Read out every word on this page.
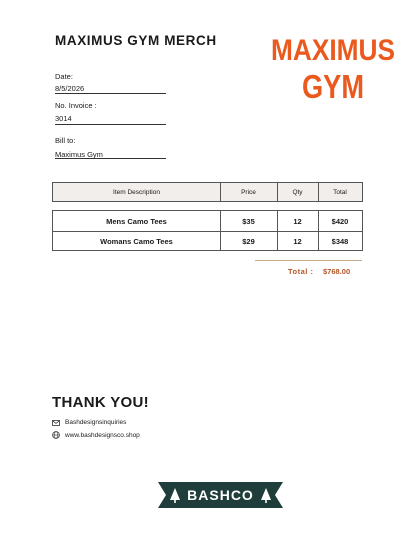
MAXIMUS GYM MERCH MAXIMUS
GYM
Date:
8/5/2026
No. Invoice :
3014
Bill to:
Maximus Gym
Item Description	Price	Qty	Total
Mens Camo Tees	$35	12	$420
Womans Camo Tees	$29	12	$348
Total : $768.00
THANK YOU!
Bashdesignsinquiries
www.bashdesignsco.shop
BASHCO
